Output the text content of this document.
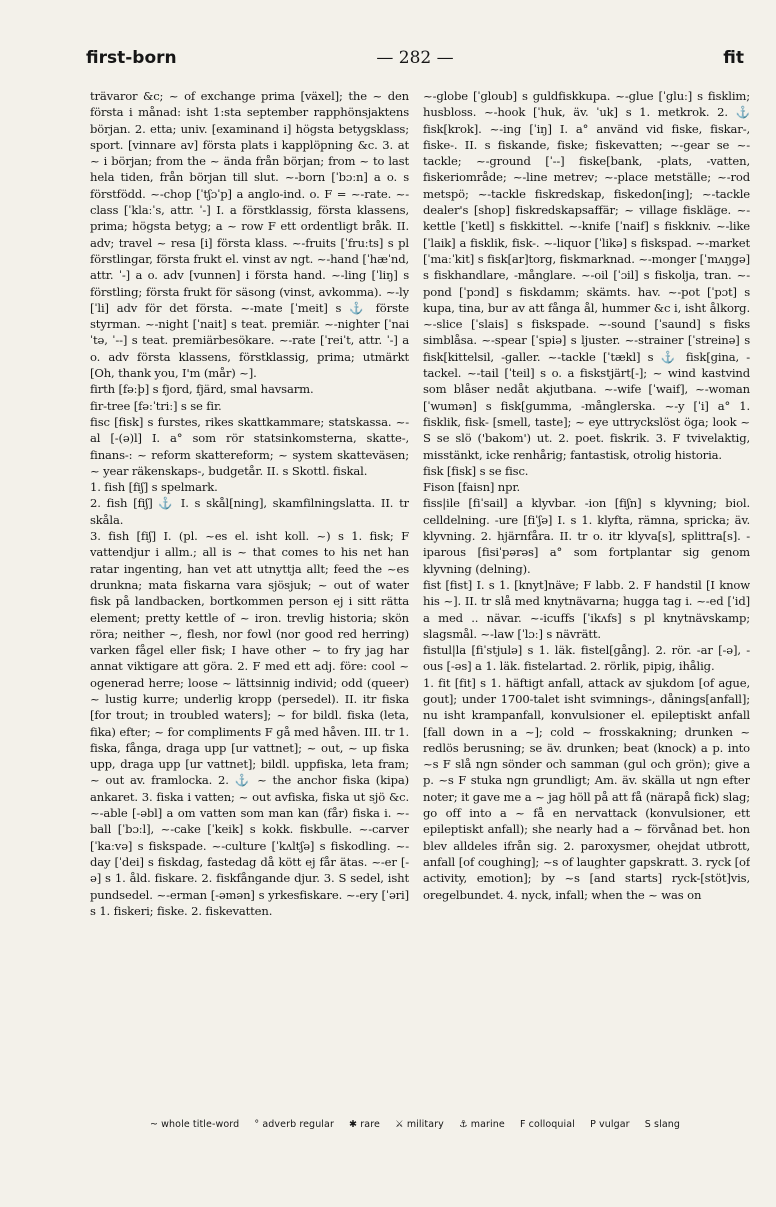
first-born	— 282 —	fit

trävaror &c; ~ of exchange prima [växel]; the ~ den första i månad: isht 1:sta september rapphönsjaktens början. 2. etta; univ. [examinand i] högsta betygsklass; sport. [vinnare av] första plats i kapplöpning &c. 3. at ~ i början; from the ~ ända från början; from ~ to last hela tiden, från början till slut. ~-born [ˈbɔːn] a o. s förstfödd. ~-chop [ˈtʃɔˈp] a anglo-ind. o. F = ~-rate. ~-class [ˈklaːˈs, attr. ˈ-] I. a förstklassig, första klassens, prima; högsta betyg; a ~ row F ett ordentligt bråk. II. adv; travel ~ resa [i] första klass. ~-fruits [ˈfruːts] s pl förstlingar, första frukt el. vinst av ngt. ~-hand [ˈhæˈnd, attr. ˈ-] a o. adv [vunnen] i första hand. ~-ling [ˈliŋ] s förstling; första frukt för säsong (vinst, avkomma). ~-ly [ˈli] adv för det första. ~-mate [ˈmeit] s ⚓ förste styrman. ~-night [ˈnait] s teat. premiär. ~-nighter [ˈnaiˈtə, ˈ--] s teat. premiärbesökare. ~-rate [ˈreiˈt, attr. ˈ-] a o. adv första klassens, förstklassig, prima; utmärkt [Oh, thank you, I'm (mår) ~].

firth [fəːþ] s fjord, fjärd, smal havsarm.

fir-tree [fəːˈtriː] s se fir.

fisc [fisk] s furstes, rikes skattkammare; statskassa. ~-al [-(ə)l] I. a° som rör statsinkomsterna, skatte-, finans-: ~ reform skattereform; ~ system skatteväsen; ~ year räkenskaps-, budgetår. II. s Skottl. fiskal.

1. fish [fiʃ] s spelmark.

2. fish [fiʃ] ⚓ I. s skål[ning], skamfilningslatta. II. tr skåla.

3. fish [fiʃ] I. (pl. ~es el. isht koll. ~) s 1. fisk; F vattendjur i allm.; all is ~ that comes to his net han ratar ingenting, han vet att utnyttja allt; feed the ~es drunkna; mata fiskarna vara sjösjuk; ~ out of water fisk på landbacken, bortkommen person ej i sitt rätta element; pretty kettle of ~ iron. trevlig historia; skön röra; neither ~, flesh, nor fowl (nor good red herring) varken fågel eller fisk; I have other ~ to fry jag har annat viktigare att göra. 2. F med ett adj. före: cool ~ ogenerad herre; loose ~ lättsinnig individ; odd (queer) ~ lustig kurre; underlig kropp (persedel). II. itr fiska [for trout; in troubled waters]; ~ for bildl. fiska (leta, fika) efter; ~ for compliments F gå med håven. III. tr 1. fiska, fånga, draga upp [ur vattnet]; ~ out, ~ up fiska upp, draga upp [ur vattnet]; bildl. uppfiska, leta fram; ~ out av. framlocka. 2. ⚓ ~ the anchor fiska (kipa) ankaret. 3. fiska i vatten; ~ out avfiska, fiska ut sjö &c. ~-able [-əbl] a om vatten som man kan (får) fiska i. ~-ball [ˈbɔːl], ~-cake [ˈkeik] s kokk. fiskbulle. ~-carver [ˈkaːvə] s fiskspade. ~-culture [ˈkʌltʃə] s fiskodling. ~-day [ˈdei] s fiskdag, fastedag då kött ej får ätas. ~-er [-ə] s 1. åld. fiskare. 2. fiskfångande djur. 3. S sedel, isht pundsedel. ~-erman [-əmən] s yrkesfiskare. ~-ery [ˈəri] s 1. fiskeri; fiske. 2. fiskevatten.

~-globe [ˈgloub] s guldfiskkupa. ~-glue [ˈgluː] s fisklim; husbloss. ~-hook [ˈhuk, äv. ˈuk] s 1. metkrok. 2. ⚓ fisk[krok]. ~-ing [ˈiŋ] I. a° använd vid fiske, fiskar-, fiske-. II. s fiskande, fiske; fiskevatten; ~-gear se ~-tackle; ~-ground [ˈ--] fiske[bank, -plats, -vatten, fiskeriområde; ~-line metrev; ~-place metställe; ~-rod metspö; ~-tackle fiskredskap, fiskedon[ing]; ~-tackle dealer's [shop] fiskredskapsaffär; ~ village fiskläge. ~-kettle [ˈketl] s fiskkittel. ~-knife [ˈnaif] s fiskkniv. ~-like [ˈlaik] a fisklik, fisk-. ~-liquor [ˈlikə] s fiskspad. ~-market [ˈmaːˈkit] s fisk[ar]torg, fiskmarknad. ~-monger [ˈmʌŋgə] s fiskhandlare, -månglare. ~-oil [ˈɔil] s fiskolja, tran. ~-pond [ˈpɔnd] s fiskdamm; skämts. hav. ~-pot [ˈpɔt] s kupa, tina, bur av att fånga ål, hummer &c i, isht ålkorg. ~-slice [ˈslais] s fiskspade. ~-sound [ˈsaund] s fisks simblåsa. ~-spear [ˈspiə] s ljuster. ~-strainer [ˈstreinə] s fisk[kittelsil, -galler. ~-tackle [ˈtækl] s ⚓ fisk[gina, -tackel. ~-tail [ˈteil] s o. a fiskstjärt[-]; ~ wind kastvind som blåser nedåt akjutbana. ~-wife [ˈwaif], ~-woman [ˈwumən] s fisk[gumma, -månglerska. ~-y [ˈi] a° 1. fisklik, fisk- [smell, taste]; ~ eye uttryckslöst öga; look ~ S se slö ('bakom') ut. 2. poet. fiskrik. 3. F tvivelaktig, misstänkt, icke renhårig; fantastisk, otrolig historia.

fisk [fisk] s se fisc.

Fison [faisn] npr.

fiss|ile [fiˈsail] a klyvbar. -ion [fiʃn] s klyvning; biol. celldelning. -ure [fiˈʃə] I. s 1. klyfta, rämna, spricka; äv. klyvning. 2. hjärnfåra. II. tr o. itr klyva[s], splittra[s]. -iparous [fisiˈpərəs] a° som fortplantar sig genom klyvning (delning).

fist [fist] I. s 1. [knyt]näve; F labb. 2. F handstil [I know his ~]. II. tr slå med knytnävarna; hugga tag i. ~-ed [ˈid] a med .. nävar. ~-icuffs [ˈikʌfs] s pl knytnävskamp; slagsmål. ~-law [ˈlɔː] s nävrätt.

fistul|la [fiˈstjulə] s 1. läk. fistel[gång]. 2. rör. -ar [-ə], -ous [-əs] a 1. läk. fistelartad. 2. rörlik, pipig, ihålig.

1. fit [fit] s 1. häftigt anfall, attack av sjukdom [of ague, gout]; under 1700-talet isht svimnings-, dånings[anfall]; nu isht krampanfall, konvulsioner el. epileptiskt anfall [fall down in a ~]; cold ~ frosskakning; drunken ~ redlös berusning; se äv. drunken; beat (knock) a p. into ~s F slå ngn sönder och samman (gul och grön); give a p. ~s F stuka ngn grundligt; Am. äv. skälla ut ngn efter noter; it gave me a ~ jag höll på att få (närapå fick) slag; go off into a ~ få en nervattack (konvulsioner, ett epileptiskt anfall); she nearly had a ~ förvånad bet. hon blev alldeles ifrån sig. 2. paroxysmer, ohejdat utbrott, anfall [of coughing]; ~s of laughter gapskratt. 3. ryck [of activity, emotion]; by ~s [and starts] ryck-[stöt]vis, oregelbundet. 4. nyck, infall; when the ~ was on

~ whole title-word ° adverb regular ✱ rare ⚔ military ⚓ marine F colloquial P vulgar S slang
